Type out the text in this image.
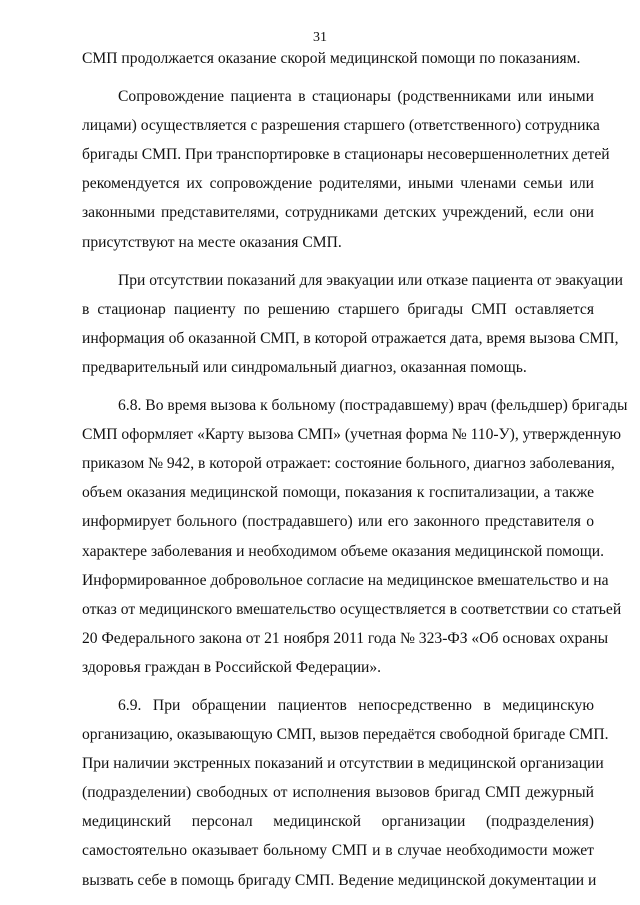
31
СМП продолжается оказание скорой медицинской помощи по показаниям.
Сопровождение пациента в стационары (родственниками или иными
лицами) осуществляется с разрешения старшего (ответственного) сотрудника
бригады СМП. При транспортировке в стационары несовершеннолетних детей
рекомендуется их сопровождение родителями, иными членами семьи или
законными представителями, сотрудниками детских учреждений, если они
присутствуют на месте оказания СМП.
При отсутствии показаний для эвакуации или отказе пациента от эвакуации
в стационар пациенту по решению старшего бригады СМП оставляется
информация об оказанной СМП, в которой отражается дата, время вызова СМП,
предварительный или синдромальный диагноз, оказанная помощь.
6.8. Во время вызова к больному (пострадавшему) врач (фельдшер) бригады
СМП оформляет «Карту вызова СМП» (учетная форма № 110-У), утвержденную
приказом № 942, в которой отражает: состояние больного, диагноз заболевания,
объем оказания медицинской помощи, показания к госпитализации, а также
информирует больного (пострадавшего) или его законного представителя о
характере заболевания и необходимом объеме оказания медицинской помощи.
Информированное добровольное согласие на медицинское вмешательство и на
отказ от медицинского вмешательство осуществляется в соответствии со статьей
20 Федерального закона от 21 ноября 2011 года № 323-ФЗ «Об основах охраны
здоровья граждан в Российской Федерации».
6.9. При обращении пациентов непосредственно в медицинскую
организацию, оказывающую СМП, вызов передаётся свободной бригаде СМП.
При наличии экстренных показаний и отсутствии в медицинской организации
(подразделении) свободных от исполнения вызовов бригад СМП дежурный
медицинский персонал медицинской организации (подразделения)
самостоятельно оказывает больному СМП и в случае необходимости может
вызвать себе в помощь бригаду СМП. Ведение медицинской документации и
